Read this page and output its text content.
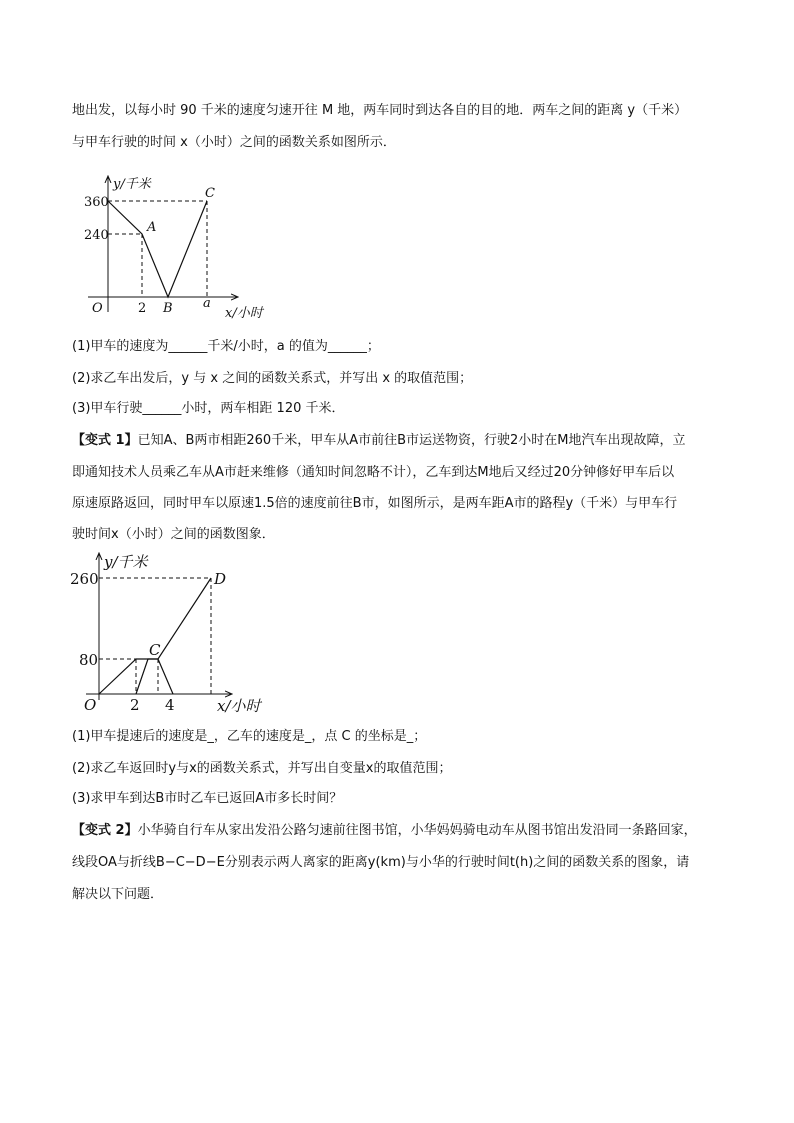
地出发，以每小时 90 千米的速度匀速开往 M 地，两车同时到达各自的目的地．两车之间的距离 y（千米）
与甲车行驶的时间 x（小时）之间的函数关系如图所示．
y/千米
x/小时
O
360
240
2 B a
A
C
(1)甲车的速度为______千米/小时，a 的值为______；
(2)求乙车出发后，y 与 x 之间的函数关系式，并写出 x 的取值范围；
(3)甲车行驶______小时，两车相距 120 千米．
【变式 1】已知A、B两市相距260千米，甲车从A市前往B市运送物资，行驶2小时在M地汽车出现故障，立
即通知技术人员乘乙车从A市赶来维修（通知时间忽略不计），乙车到达M地后又经过20分钟修好甲车后以
原速原路返回，同时甲车以原速1.5倍的速度前往B市，如图所示，是两车距A市的路程y（千米）与甲车行
驶时间x（小时）之间的函数图象．
y/千米
x/小时
O
260
80
2 4
C
D
(1)甲车提速后的速度是_，乙车的速度是_，点 C 的坐标是_；
(2)求乙车返回时y与x的函数关系式，并写出自变量x的取值范围；
(3)求甲车到达B市时乙车已返回A市多长时间？
【变式 2】小华骑自行车从家出发沿公路匀速前往图书馆，小华妈妈骑电动车从图书馆出发沿同一条路回家，
线段OA与折线B−C−D−E分别表示两人离家的距离y(km)与小华的行驶时间t(h)之间的函数关系的图象，请
解决以下问题．
